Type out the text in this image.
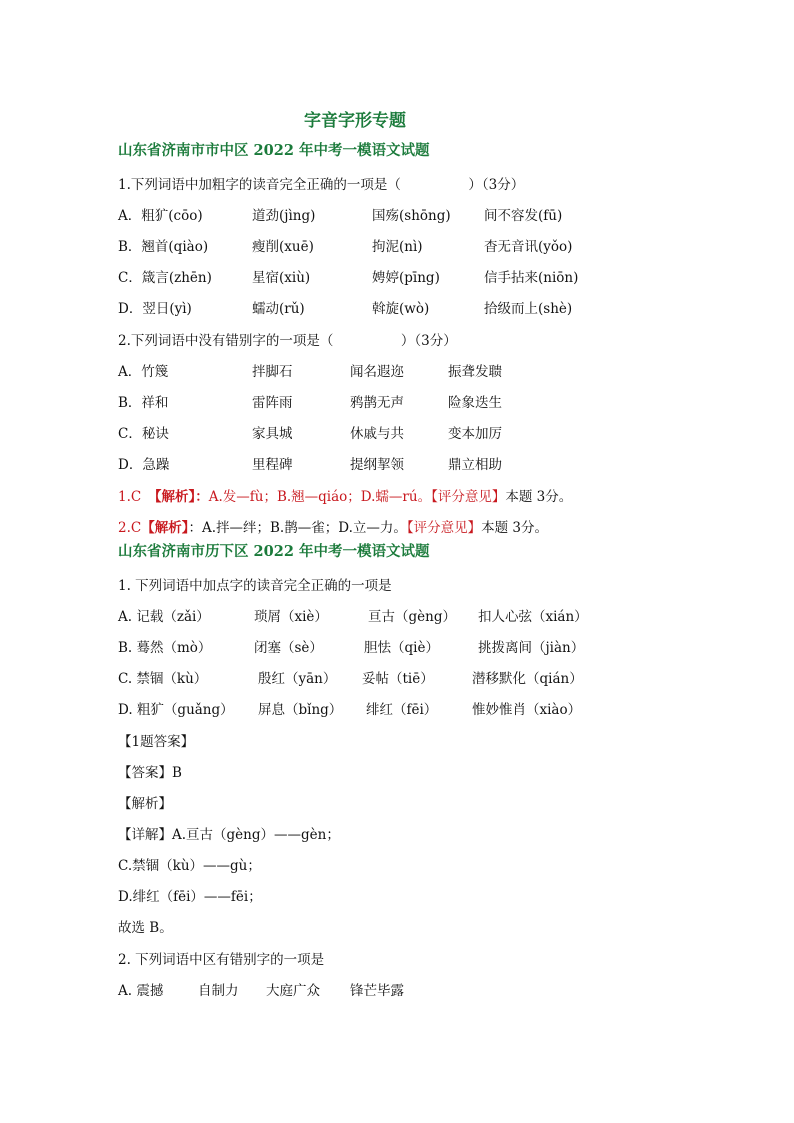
字音字形专题
山东省济南市市中区 2022 年中考一模语文试题
1.下列词语中加粗字的读音完全正确的一项是（　　　　　）（3分）
A．粗犷(cōo)	道劲(jìng)	国殇(shōng) 间不容发(fū)
B．翘首(qiào)	瘦削(xuē)	拘泥(nì)	杳无音讯(yǒo)
C．箴言(zhēn)	星宿(xiù)	娉婷(pīng)	信手拈来(niōn)
D．翌日(yì)	蠕动(rǔ)	斡旋(wò)	拾级而上(shè)
2.下列词语中没有错别字的一项是（　　　　　）（3分）
A．竹篾	拌脚石	闻名遐迩	振聋发聩
B．祥和	雷阵雨	鸦鹊无声	险象迭生
C．秘诀	家具城	休戚与共	变本加厉
D．急躁	里程碑	提纲挈领	鼎立相助
1.C　 【解析】：A.发—fù；B.翘—qiáo；D.蠕—rú。【评分意见】本题 3分。
2.C【解析】：A.拌—绊；B.鹊—雀；D.立—力。【评分意见】本题 3分。
山东省济南市历下区 2022 年中考一模语文试题
1. 下列词语中加点字的读音完全正确的一项是
A. 记载（zǎi）	琐屑（xiè）	亘古（gèng） 扣人心弦（xián）
B. 蓦然（mò）	闭塞（sè）	胆怯（qiè）	挑拨离间（jiàn）
C. 禁锢（kù）	殷红（yān） 妥帖（tiē）	潜移默化（qián）
D. 粗犷（guǎng） 屏息（bǐng） 绯红（fēi）	惟妙惟肖（xiào）
【1题答案】
【答案】B
【解析】
【详解】A.亘古（gèng）——gèn；
C.禁锢（kù）——gù；
D.绯红（fēi）——fēi；
故选 B。
2. 下列词语中区有错别字的一项是
A. 震撼	自制力 大庭广众 锋芒毕露
